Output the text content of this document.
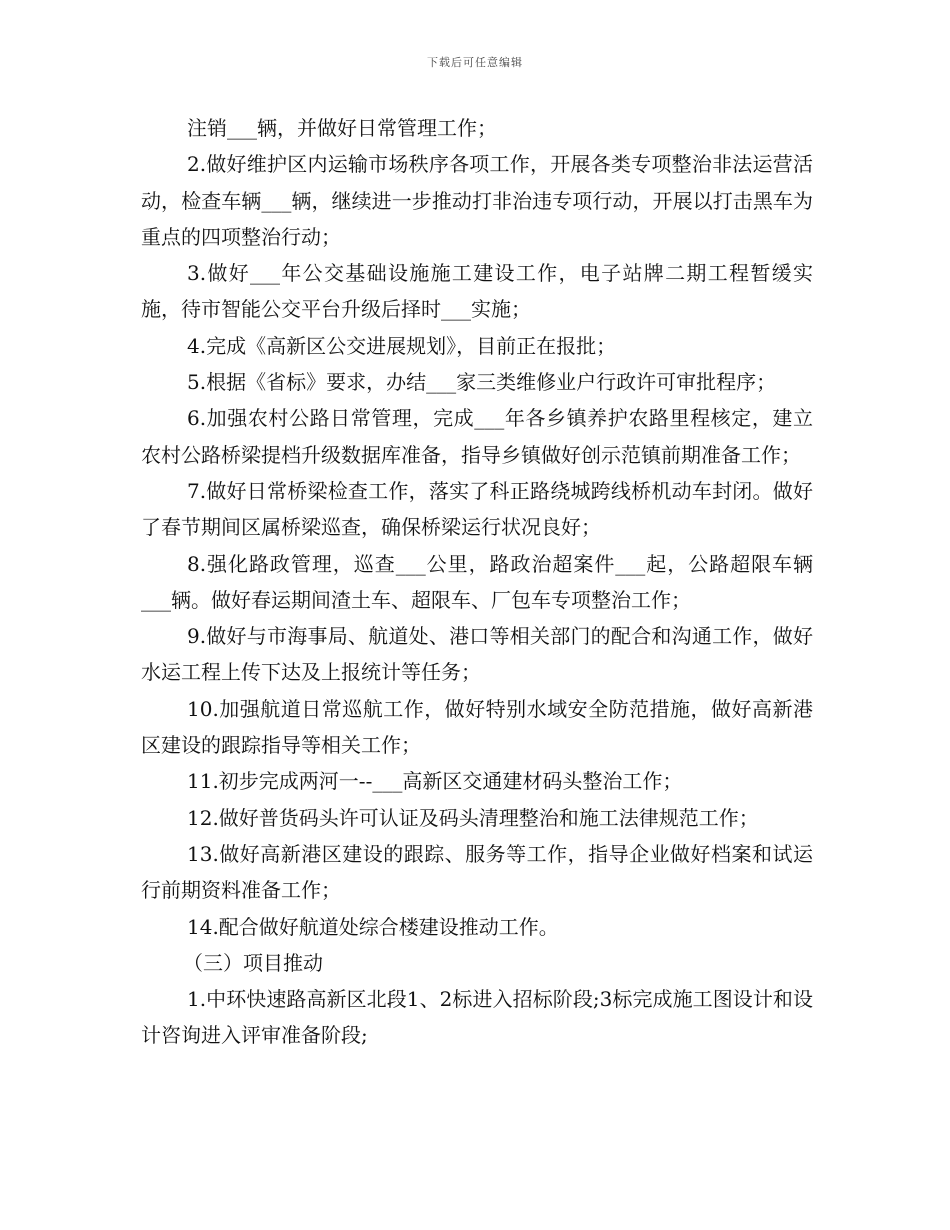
下载后可任意编辑

注销___辆，并做好日常管理工作；

2.做好维护区内运输市场秩序各项工作，开展各类专项整治非法运营活动，检查车辆___辆，继续进一步推动打非治违专项行动，开展以打击黑车为重点的四项整治行动；

3.做好___年公交基础设施施工建设工作，电子站牌二期工程暂缓实施，待市智能公交平台升级后择时___实施；

4.完成《高新区公交进展规划》，目前正在报批；

5.根据《省标》要求，办结___家三类维修业户行政许可审批程序；

6.加强农村公路日常管理，完成___年各乡镇养护农路里程核定，建立农村公路桥梁提档升级数据库准备，指导乡镇做好创示范镇前期准备工作；

7.做好日常桥梁检查工作，落实了科正路绕城跨线桥机动车封闭。做好了春节期间区属桥梁巡查，确保桥梁运行状况良好；

8.强化路政管理，巡查___公里，路政治超案件___起，公路超限车辆___辆。做好春运期间渣土车、超限车、厂包车专项整治工作；

9.做好与市海事局、航道处、港口等相关部门的配合和沟通工作，做好水运工程上传下达及上报统计等任务；

10.加强航道日常巡航工作，做好特别水域安全防范措施，做好高新港区建设的跟踪指导等相关工作；

11.初步完成两河一--___高新区交通建材码头整治工作；

12.做好普货码头许可认证及码头清理整治和施工法律规范工作；

13.做好高新港区建设的跟踪、服务等工作，指导企业做好档案和试运行前期资料准备工作；

14.配合做好航道处综合楼建设推动工作。

（三）项目推动

1.中环快速路高新区北段1、2标进入招标阶段;3标完成施工图设计和设计咨询进入评审准备阶段;
